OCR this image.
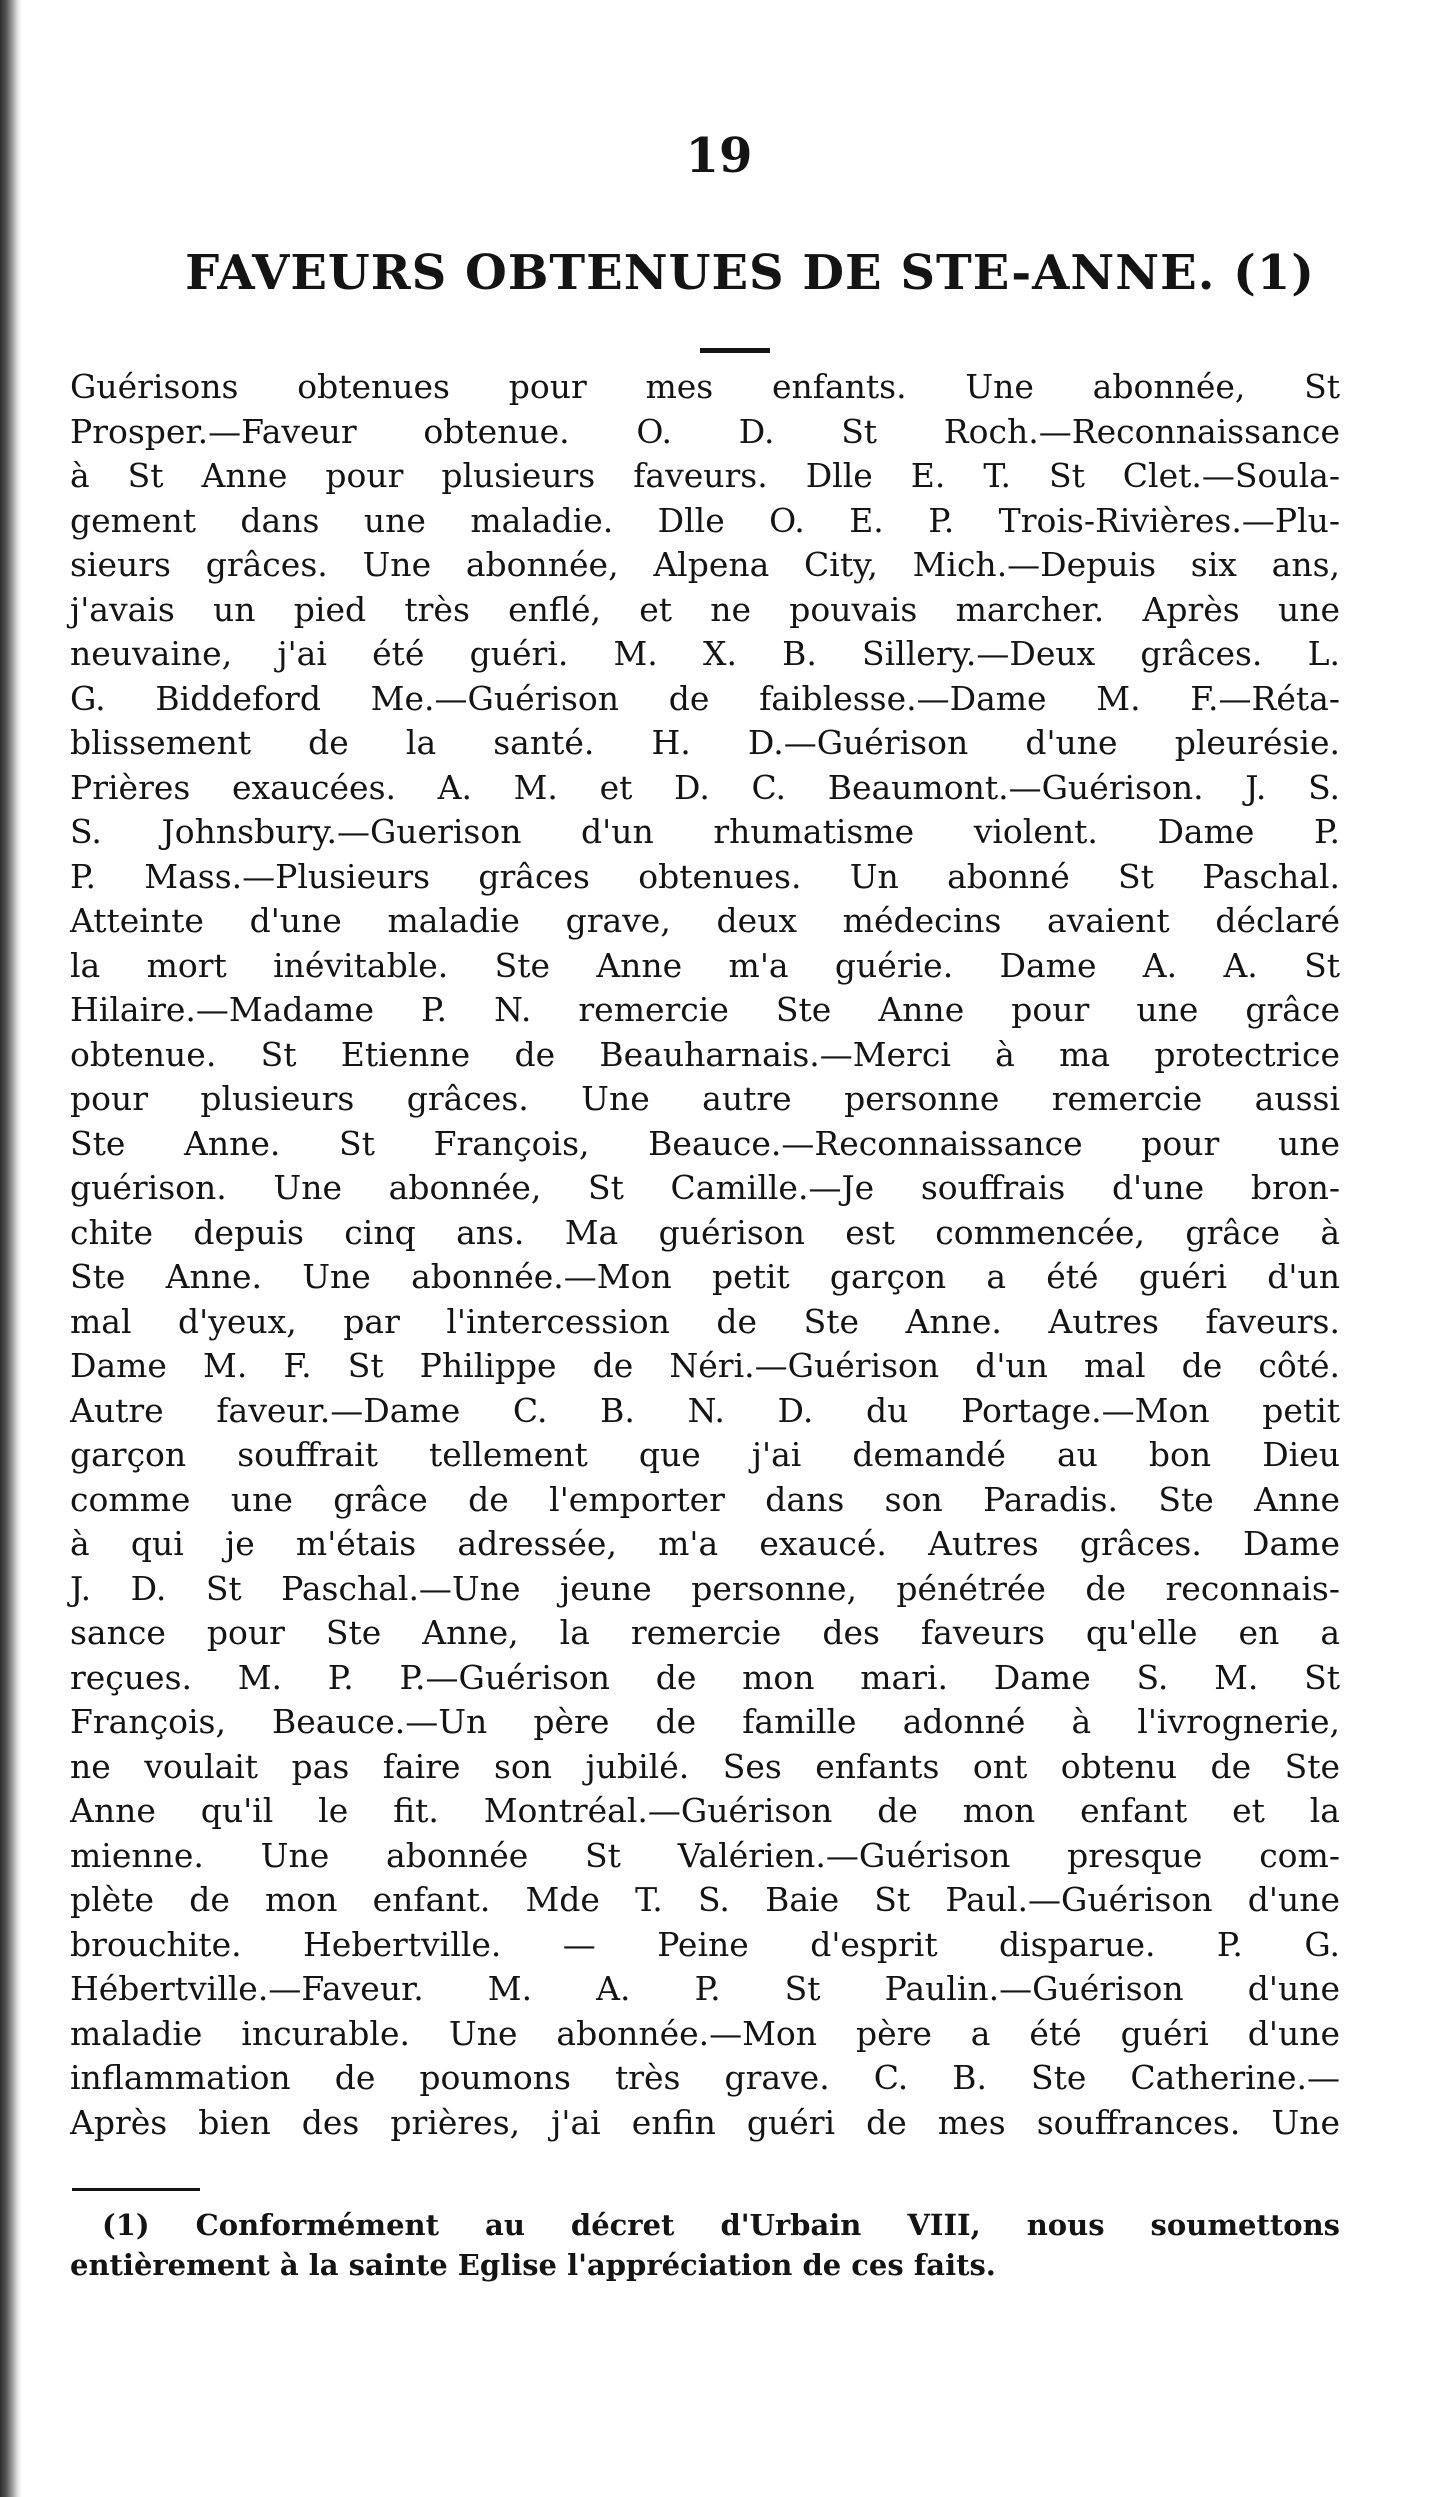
19
FAVEURS OBTENUES DE STE-ANNE. (1)
Guérisons obtenues pour mes enfants. Une abonnée, St
Prosper.—Faveur obtenue. O. D. St Roch.—Reconnaissance
à St Anne pour plusieurs faveurs. Dlle E. T. St Clet.—Soula-
gement dans une maladie. Dlle O. E. P. Trois-Rivières.—Plu-
sieurs grâces. Une abonnée, Alpena City, Mich.—Depuis six ans,
j'avais un pied très enflé, et ne pouvais marcher. Après une
neuvaine, j'ai été guéri. M. X. B. Sillery.—Deux grâces. L.
G. Biddeford Me.—Guérison de faiblesse.—Dame M. F.—Réta-
blissement de la santé. H. D.—Guérison d'une pleurésie.
Prières exaucées. A. M. et D. C. Beaumont.—Guérison. J. S.
S. Johnsbury.—Guerison d'un rhumatisme violent. Dame P.
P. Mass.—Plusieurs grâces obtenues. Un abonné St Paschal.
Atteinte d'une maladie grave, deux médecins avaient déclaré
la mort inévitable. Ste Anne m'a guérie. Dame A. A. St
Hilaire.—Madame P. N. remercie Ste Anne pour une grâce
obtenue. St Etienne de Beauharnais.—Merci à ma protectrice
pour plusieurs grâces. Une autre personne remercie aussi
Ste Anne. St François, Beauce.—Reconnaissance pour une
guérison. Une abonnée, St Camille.—Je souffrais d'une bron-
chite depuis cinq ans. Ma guérison est commencée, grâce à
Ste Anne. Une abonnée.—Mon petit garçon a été guéri d'un
mal d'yeux, par l'intercession de Ste Anne. Autres faveurs.
Dame M. F. St Philippe de Néri.—Guérison d'un mal de côté.
Autre faveur.—Dame C. B. N. D. du Portage.—Mon petit
garçon souffrait tellement que j'ai demandé au bon Dieu
comme une grâce de l'emporter dans son Paradis. Ste Anne
à qui je m'étais adressée, m'a exaucé. Autres grâces. Dame
J. D. St Paschal.—Une jeune personne, pénétrée de reconnais-
sance pour Ste Anne, la remercie des faveurs qu'elle en a
reçues. M. P. P.—Guérison de mon mari. Dame S. M. St
François, Beauce.—Un père de famille adonné à l'ivrognerie,
ne voulait pas faire son jubilé. Ses enfants ont obtenu de Ste
Anne qu'il le fit. Montréal.—Guérison de mon enfant et la
mienne. Une abonnée St Valérien.—Guérison presque com-
plète de mon enfant. Mde T. S. Baie St Paul.—Guérison d'une
brouchite. Hebertville. — Peine d'esprit disparue. P. G.
Hébertville.—Faveur. M. A. P. St Paulin.—Guérison d'une
maladie incurable. Une abonnée.—Mon père a été guéri d'une
inflammation de poumons très grave. C. B. Ste Catherine.—
Après bien des prières, j'ai enfin guéri de mes souffrances. Une
(1) Conformément au décret d'Urbain VIII, nous soumettons
entièrement à la sainte Eglise l'appréciation de ces faits.
